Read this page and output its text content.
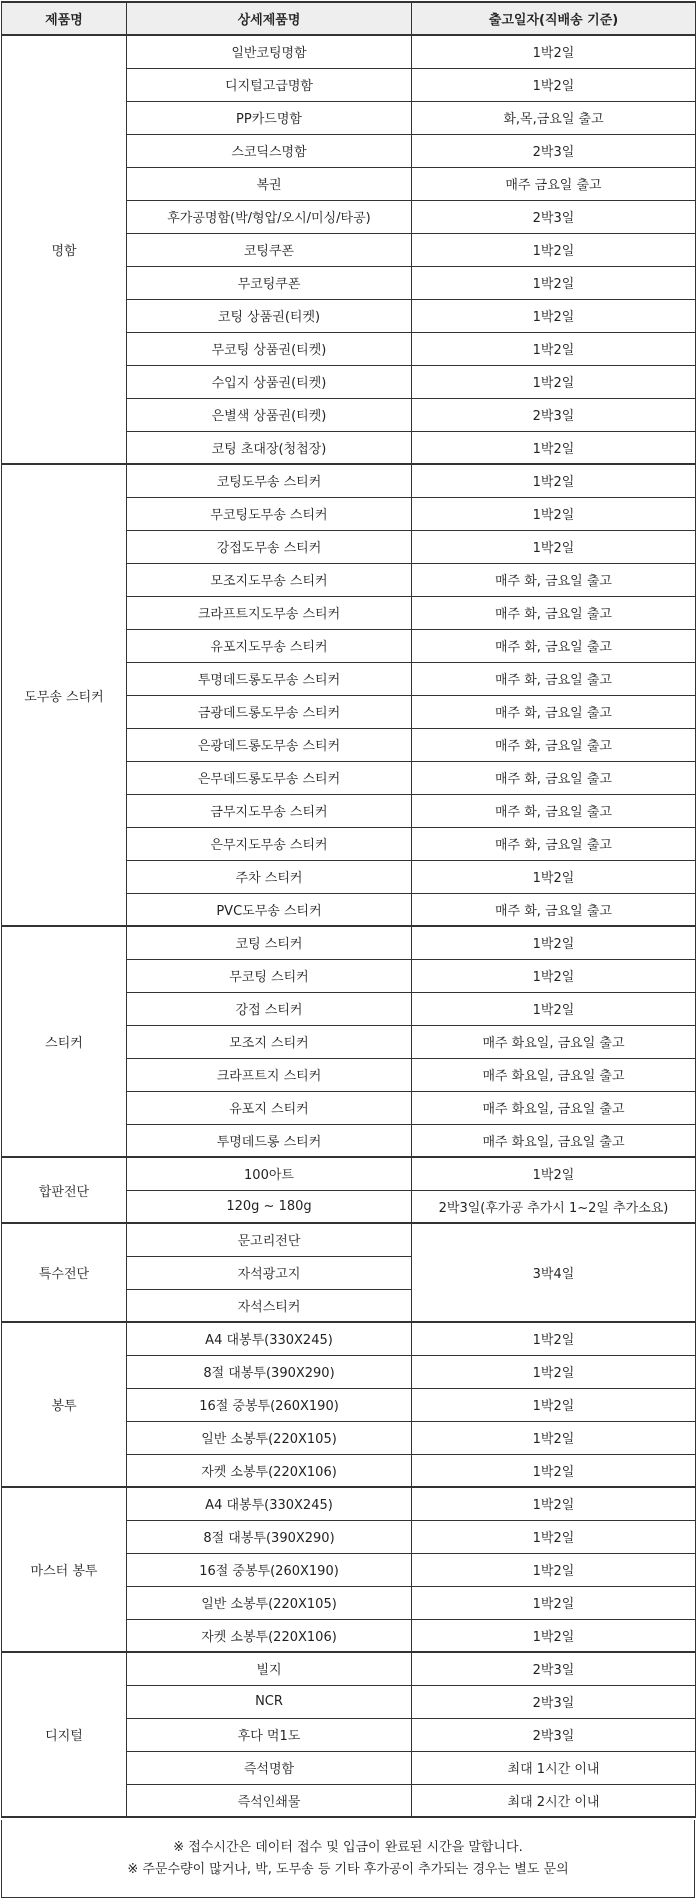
제품명	상세제품명	출고일자(직배송 기준)
명함	일반코팅명함	1박2일
	디지털고급명함	1박2일
	PP카드명함	화,목,금요일 출고
	스코딕스명함	2박3일
	복권	매주 금요일 출고
	후가공명함(박/형압/오시/미싱/타공)	2박3일
	코팅쿠폰	1박2일
	무코팅쿠폰	1박2일
	코팅 상품권(티켓)	1박2일
	무코팅 상품권(티켓)	1박2일
	수입지 상품권(티켓)	1박2일
	은별색 상품권(티켓)	2박3일
	코팅 초대장(청첩장)	1박2일
도무송 스티커	코팅도무송 스티커	1박2일
	무코팅도무송 스티커	1박2일
	강접도무송 스티커	1박2일
	모조지도무송 스티커	매주 화, 금요일 출고
	크라프트지도무송 스티커	매주 화, 금요일 출고
	유포지도무송 스티커	매주 화, 금요일 출고
	투명데드롱도무송 스티커	매주 화, 금요일 출고
	금광데드롱도무송 스티커	매주 화, 금요일 출고
	은광데드롱도무송 스티커	매주 화, 금요일 출고
	은무데드롱도무송 스티커	매주 화, 금요일 출고
	금무지도무송 스티커	매주 화, 금요일 출고
	은무지도무송 스티커	매주 화, 금요일 출고
	주차 스티커	1박2일
	PVC도무송 스티커	매주 화, 금요일 출고
스티커	코팅 스티커	1박2일
	무코팅 스티커	1박2일
	강접 스티커	1박2일
	모조지 스티커	매주 화요일, 금요일 출고
	크라프트지 스티커	매주 화요일, 금요일 출고
	유포지 스티커	매주 화요일, 금요일 출고
	투명데드롱 스티커	매주 화요일, 금요일 출고
합판전단	100아트	1박2일
	120g ~ 180g	2박3일(후가공 추가시 1~2일 추가소요)
특수전단	문고리전단	3박4일
	자석광고지	
	자석스티커	
봉투	A4 대봉투(330X245)	1박2일
	8절 대봉투(390X290)	1박2일
	16절 중봉투(260X190)	1박2일
	일반 소봉투(220X105)	1박2일
	자켓 소봉투(220X106)	1박2일
마스터 봉투	A4 대봉투(330X245)	1박2일
	8절 대봉투(390X290)	1박2일
	16절 중봉투(260X190)	1박2일
	일반 소봉투(220X105)	1박2일
	자켓 소봉투(220X106)	1박2일
디지털	빌지	2박3일
	NCR	2박3일
	후다 먹1도	2박3일
	즉석명함	최대 1시간 이내
	즉석인쇄물	최대 2시간 이내
※ 접수시간은 데이터 접수 및 입금이 완료된 시간을 말합니다.
※ 주문수량이 많거나, 박, 도무송 등 기타 후가공이 추가되는 경우는 별도 문의
